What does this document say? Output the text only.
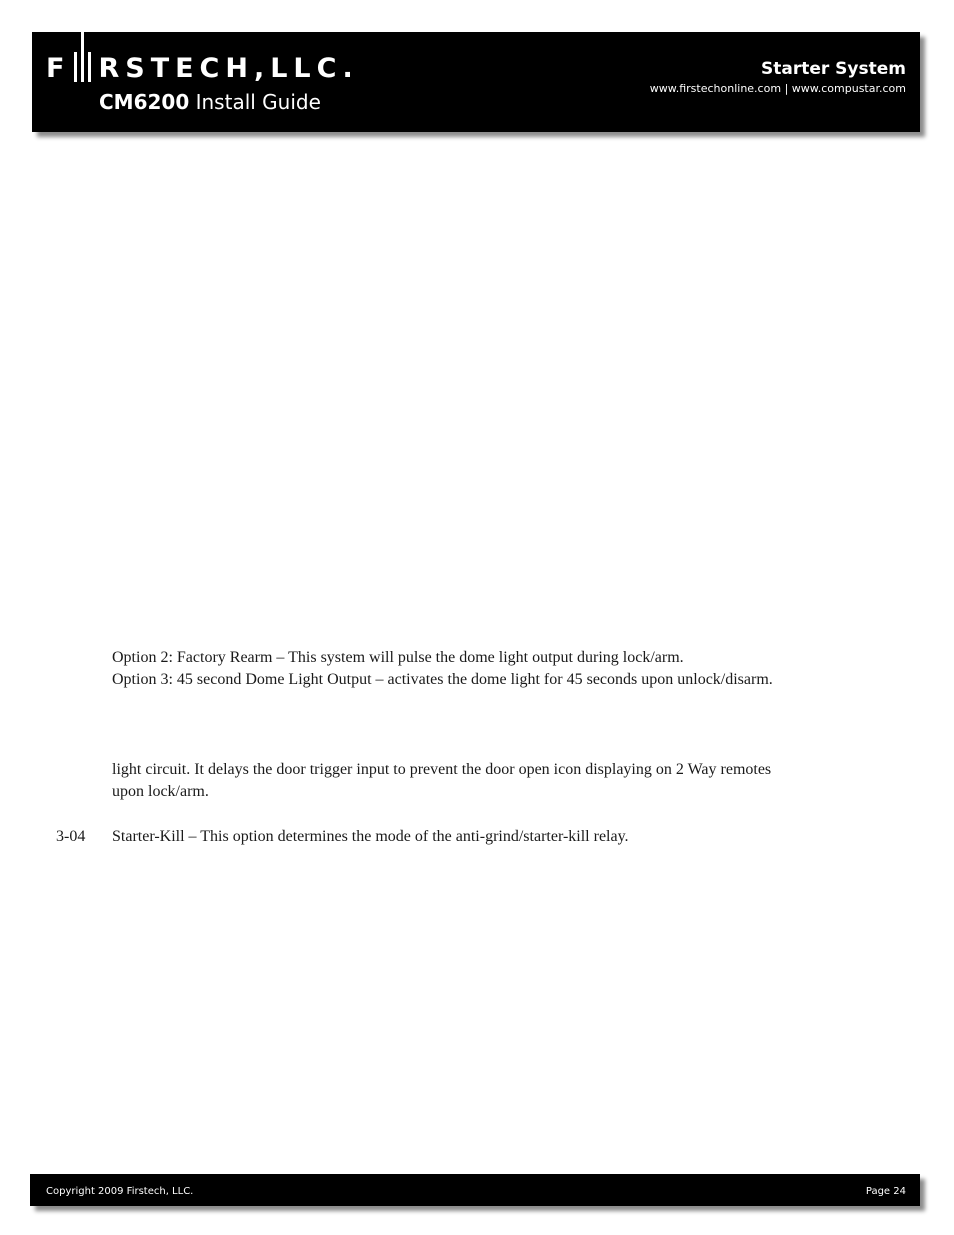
F RSTECH,LLC.
CM6200 Install Guide
Starter System
www.firstechonline.com | www.compustar.com

Option 2: Factory Rearm – This system will pulse the dome light output during lock/arm.

Option 3: 45 second Dome Light Output – activates the dome light for 45 seconds upon unlock/disarm.

light circuit. It delays the door trigger input to prevent the door open icon displaying on 2 Way remotes

upon lock/arm.

3-04 Starter-Kill – This option determines the mode of the anti-grind/starter-kill relay.

Copyright 2009 Firstech, LLC.	Page 24
